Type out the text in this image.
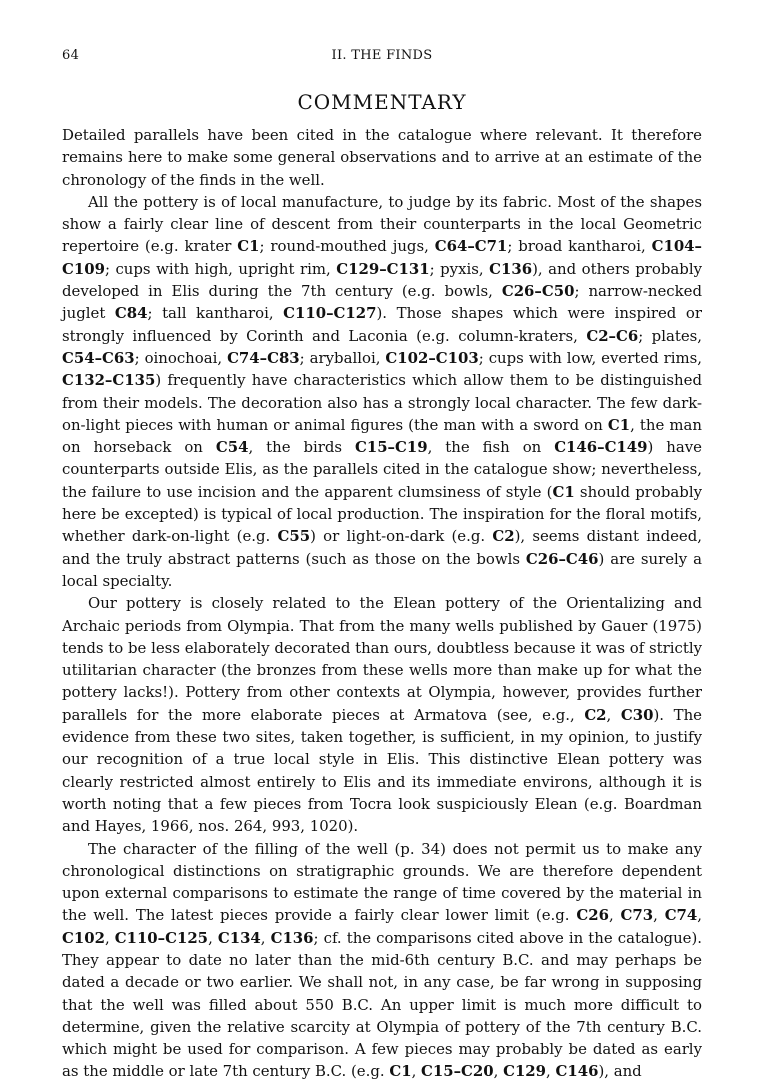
64	II. THE FINDS
COMMENTARY

Detailed parallels have been cited in the catalogue where relevant. It therefore remains here to make some general observations and to arrive at an estimate of the chronology of the finds in the well.

All the pottery is of local manufacture, to judge by its fabric. Most of the shapes show a fairly clear line of descent from their counterparts in the local Geometric repertoire (e.g. krater C1; round-mouthed jugs, C64–C71; broad kantharoi, C104–C109; cups with high, upright rim, C129–C131; pyxis, C136), and others probably developed in Elis during the 7th century (e.g. bowls, C26–C50; narrow-necked juglet C84; tall kantharoi, C110–C127). Those shapes which were inspired or strongly influenced by Corinth and Laconia (e.g. column-kraters, C2–C6; plates, C54–C63; oinochoai, C74–C83; aryballoi, C102–C103; cups with low, everted rims, C132–C135) frequently have characteristics which allow them to be distinguished from their models. The decoration also has a strongly local character. The few dark-on-light pieces with human or animal figures (the man with a sword on C1, the man on horseback on C54, the birds C15–C19, the fish on C146–C149) have counterparts outside Elis, as the parallels cited in the catalogue show; nevertheless, the failure to use incision and the apparent clumsiness of style (C1 should probably here be excepted) is typical of local production. The inspiration for the floral motifs, whether dark-on-light (e.g. C55) or light-on-dark (e.g. C2), seems distant indeed, and the truly abstract patterns (such as those on the bowls C26–C46) are surely a local specialty.

Our pottery is closely related to the Elean pottery of the Orientalizing and Archaic periods from Olympia. That from the many wells published by Gauer (1975) tends to be less elaborately decorated than ours, doubtless because it was of strictly utilitarian character (the bronzes from these wells more than make up for what the pottery lacks!). Pottery from other contexts at Olympia, however, provides further parallels for the more elaborate pieces at Armatova (see, e.g., C2, C30). The evidence from these two sites, taken together, is sufficient, in my opinion, to justify our recognition of a true local style in Elis. This distinctive Elean pottery was clearly restricted almost entirely to Elis and its immediate environs, although it is worth noting that a few pieces from Tocra look suspiciously Elean (e.g. Boardman and Hayes, 1966, nos. 264, 993, 1020).

The character of the filling of the well (p. 34) does not permit us to make any chronological distinctions on stratigraphic grounds. We are therefore dependent upon external comparisons to estimate the range of time covered by the material in the well. The latest pieces provide a fairly clear lower limit (e.g. C26, C73, C74, C102, C110–C125, C134, C136; cf. the comparisons cited above in the catalogue). They appear to date no later than the mid-6th century B.C. and may perhaps be dated a decade or two earlier. We shall not, in any case, be far wrong in supposing that the well was filled about 550 B.C. An upper limit is much more difficult to determine, given the relative scarcity at Olympia of pottery of the 7th century B.C. which might be used for comparison. A few pieces may probably be dated as early as the middle or late 7th century B.C. (e.g. C1, C15–C20, C129, C146), and
